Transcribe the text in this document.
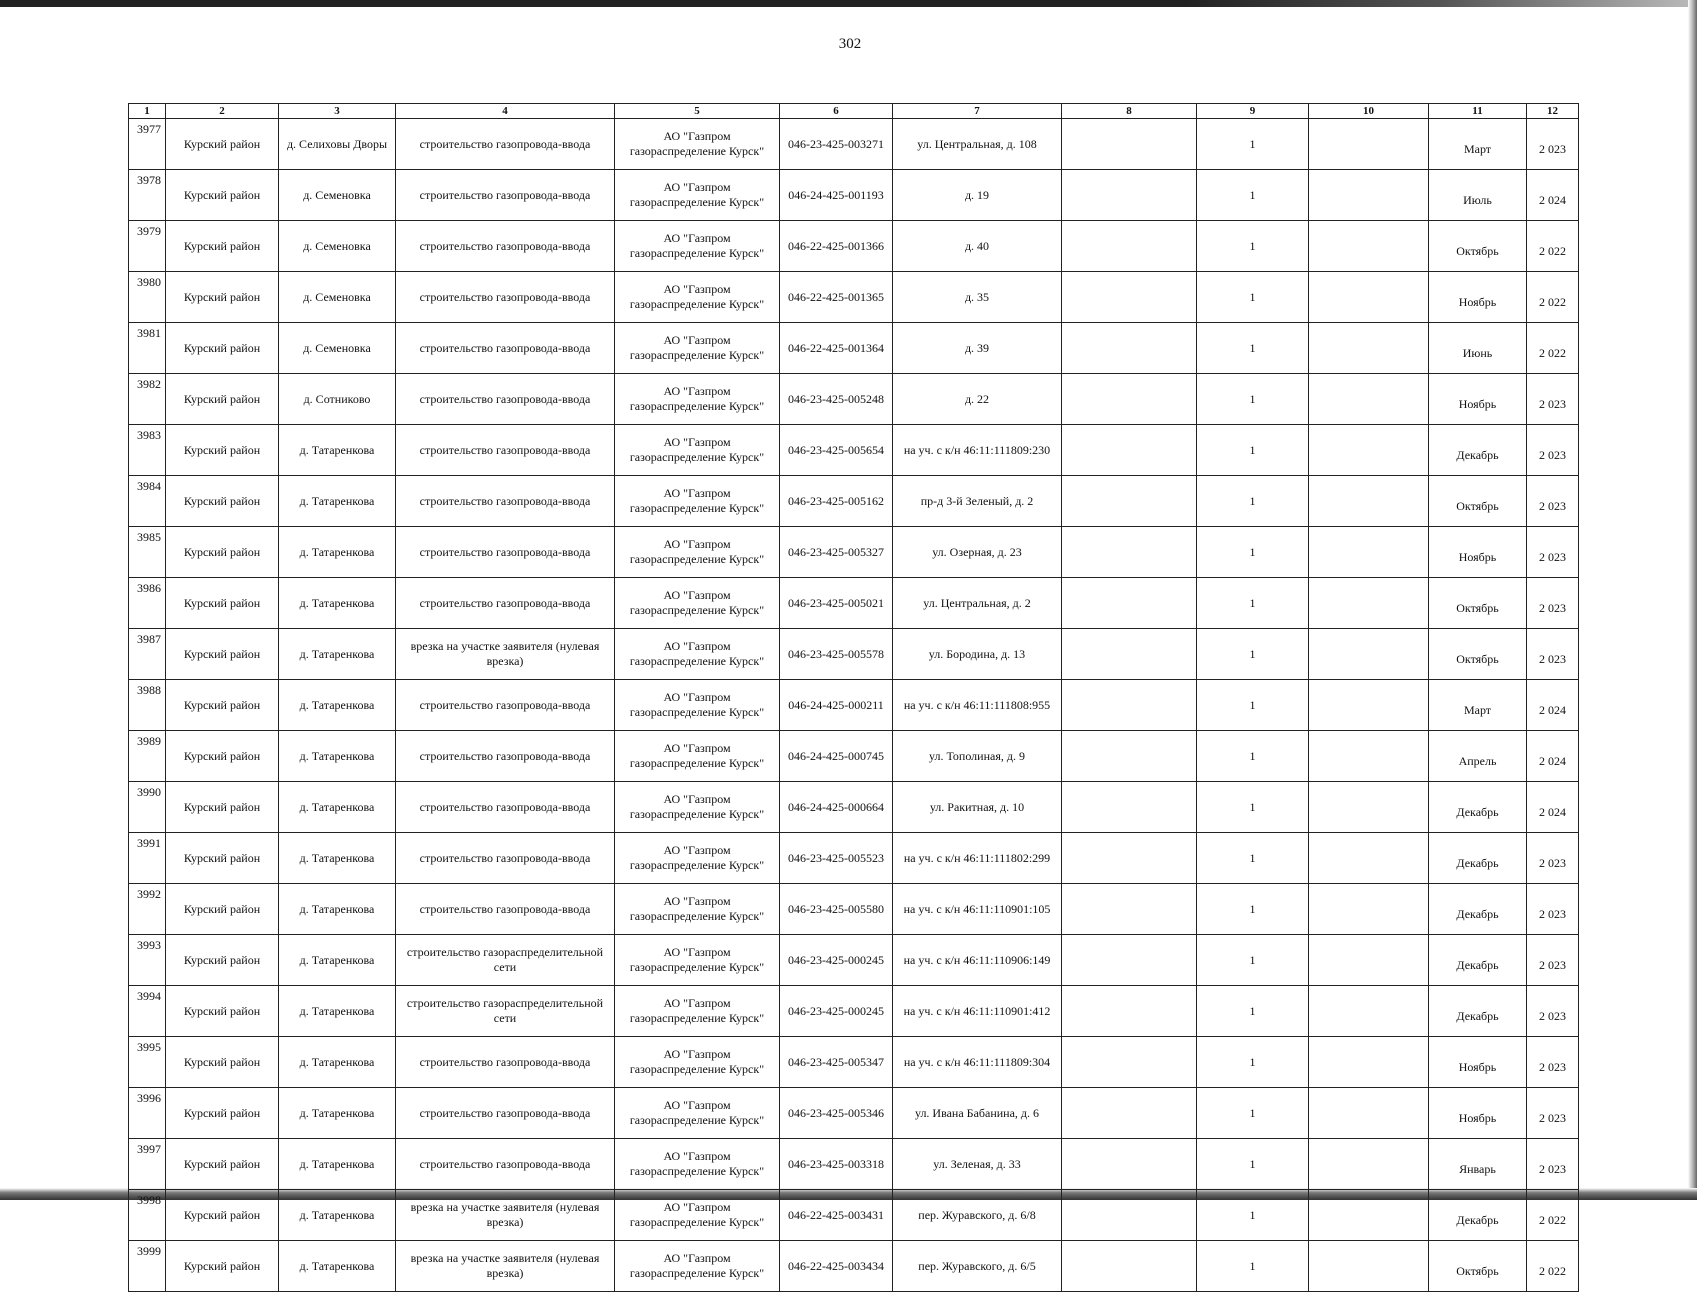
302
1	2	3	4	5	6	7	8	9	10	11	12
3977	Курский район	д. Селиховы Дворы	строительство газопровода-ввода	АО "Газпром газораспределение Курск"	046-23-425-003271	ул. Центральная, д. 108		1		Март	2 023
3978	Курский район	д. Семеновка	строительство газопровода-ввода	АО "Газпром газораспределение Курск"	046-24-425-001193	д. 19		1		Июль	2 024
3979	Курский район	д. Семеновка	строительство газопровода-ввода	АО "Газпром газораспределение Курск"	046-22-425-001366	д. 40		1		Октябрь	2 022
3980	Курский район	д. Семеновка	строительство газопровода-ввода	АО "Газпром газораспределение Курск"	046-22-425-001365	д. 35		1		Ноябрь	2 022
3981	Курский район	д. Семеновка	строительство газопровода-ввода	АО "Газпром газораспределение Курск"	046-22-425-001364	д. 39		1		Июнь	2 022
3982	Курский район	д. Сотниково	строительство газопровода-ввода	АО "Газпром газораспределение Курск"	046-23-425-005248	д. 22		1		Ноябрь	2 023
3983	Курский район	д. Татаренкова	строительство газопровода-ввода	АО "Газпром газораспределение Курск"	046-23-425-005654	на уч. с к/н 46:11:111809:230		1		Декабрь	2 023
3984	Курский район	д. Татаренкова	строительство газопровода-ввода	АО "Газпром газораспределение Курск"	046-23-425-005162	пр-д 3-й Зеленый, д. 2		1		Октябрь	2 023
3985	Курский район	д. Татаренкова	строительство газопровода-ввода	АО "Газпром газораспределение Курск"	046-23-425-005327	ул. Озерная, д. 23		1		Ноябрь	2 023
3986	Курский район	д. Татаренкова	строительство газопровода-ввода	АО "Газпром газораспределение Курск"	046-23-425-005021	ул. Центральная, д. 2		1		Октябрь	2 023
3987	Курский район	д. Татаренкова	врезка на участке заявителя (нулевая врезка)	АО "Газпром газораспределение Курск"	046-23-425-005578	ул. Бородина, д. 13		1		Октябрь	2 023
3988	Курский район	д. Татаренкова	строительство газопровода-ввода	АО "Газпром газораспределение Курск"	046-24-425-000211	на уч. с к/н 46:11:111808:955		1		Март	2 024
3989	Курский район	д. Татаренкова	строительство газопровода-ввода	АО "Газпром газораспределение Курск"	046-24-425-000745	ул. Тополиная, д. 9		1		Апрель	2 024
3990	Курский район	д. Татаренкова	строительство газопровода-ввода	АО "Газпром газораспределение Курск"	046-24-425-000664	ул. Ракитная, д. 10		1		Декабрь	2 024
3991	Курский район	д. Татаренкова	строительство газопровода-ввода	АО "Газпром газораспределение Курск"	046-23-425-005523	на уч. с к/н 46:11:111802:299		1		Декабрь	2 023
3992	Курский район	д. Татаренкова	строительство газопровода-ввода	АО "Газпром газораспределение Курск"	046-23-425-005580	на уч. с к/н 46:11:110901:105		1		Декабрь	2 023
3993	Курский район	д. Татаренкова	строительство газораспределительной сети	АО "Газпром газораспределение Курск"	046-23-425-000245	на уч. с к/н 46:11:110906:149		1		Декабрь	2 023
3994	Курский район	д. Татаренкова	строительство газораспределительной сети	АО "Газпром газораспределение Курск"	046-23-425-000245	на уч. с к/н 46:11:110901:412		1		Декабрь	2 023
3995	Курский район	д. Татаренкова	строительство газопровода-ввода	АО "Газпром газораспределение Курск"	046-23-425-005347	на уч. с к/н 46:11:111809:304		1		Ноябрь	2 023
3996	Курский район	д. Татаренкова	строительство газопровода-ввода	АО "Газпром газораспределение Курск"	046-23-425-005346	ул. Ивана Бабанина, д. 6		1		Ноябрь	2 023
3997	Курский район	д. Татаренкова	строительство газопровода-ввода	АО "Газпром газораспределение Курск"	046-23-425-003318	ул. Зеленая, д. 33		1		Январь	2 023
3998	Курский район	д. Татаренкова	врезка на участке заявителя (нулевая врезка)	АО "Газпром газораспределение Курск"	046-22-425-003431	пер. Журавского, д. 6/8		1		Декабрь	2 022
3999	Курский район	д. Татаренкова	врезка на участке заявителя (нулевая врезка)	АО "Газпром газораспределение Курск"	046-22-425-003434	пер. Журавского, д. 6/5		1		Октябрь	2 022
